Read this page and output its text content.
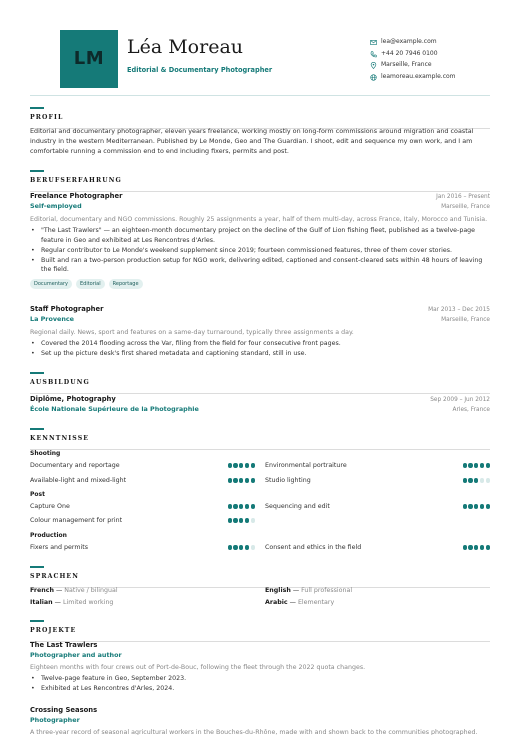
LM
Léa Moreau
Editorial & Documentary Photographer
lea@example.com
+44 20 7946 0100
Marseille, France
leamoreau.example.com
PROFIL
Editorial and documentary photographer, eleven years freelance, working mostly on long-form commissions around migration and coastal industry in the western Mediterranean. Published by Le Monde, Geo and The Guardian. I shoot, edit and sequence my own work, and I am comfortable running a commission end to end including fixers, permits and post.
BERUFSERFAHRUNG
Freelance Photographer	Jan 2016 – Present
Self-employed	Marseille, France
Editorial, documentary and NGO commissions. Roughly 25 assignments a year, half of them multi-day, across France, Italy, Morocco and Tunisia.
• "The Last Trawlers" — an eighteen-month documentary project on the decline of the Gulf of Lion fishing fleet, published as a twelve-page feature in Geo and exhibited at Les Rencontres d'Arles.
• Regular contributor to Le Monde's weekend supplement since 2019; fourteen commissioned features, three of them cover stories.
• Built and ran a two-person production setup for NGO work, delivering edited, captioned and consent-cleared sets within 48 hours of leaving the field.
Documentary	Editorial	Reportage
Staff Photographer	Mar 2013 – Dec 2015
La Provence	Marseille, France
Regional daily. News, sport and features on a same-day turnaround, typically three assignments a day.
• Covered the 2014 flooding across the Var, filing from the field for four consecutive front pages.
• Set up the picture desk's first shared metadata and captioning standard, still in use.
AUSBILDUNG
Diplôme, Photography	Sep 2009 – Jun 2012
École Nationale Supérieure de la Photographie	Arles, France
KENNTNISSE
Shooting
Documentary and reportage	Environmental portraiture
Available-light and mixed-light	Studio lighting
Post
Capture One	Sequencing and edit
Colour management for print
Production
Fixers and permits	Consent and ethics in the field
SPRACHEN
French — Native / bilingual	English — Full professional
Italian — Limited working	Arabic — Elementary
PROJEKTE
The Last Trawlers
Photographer and author
Eighteen months with four crews out of Port-de-Bouc, following the fleet through the 2022 quota changes.
• Twelve-page feature in Geo, September 2023.
• Exhibited at Les Rencontres d'Arles, 2024.
Crossing Seasons
Photographer
A three-year record of seasonal agricultural workers in the Bouches-du-Rhône, made with and shown back to the communities photographed.
